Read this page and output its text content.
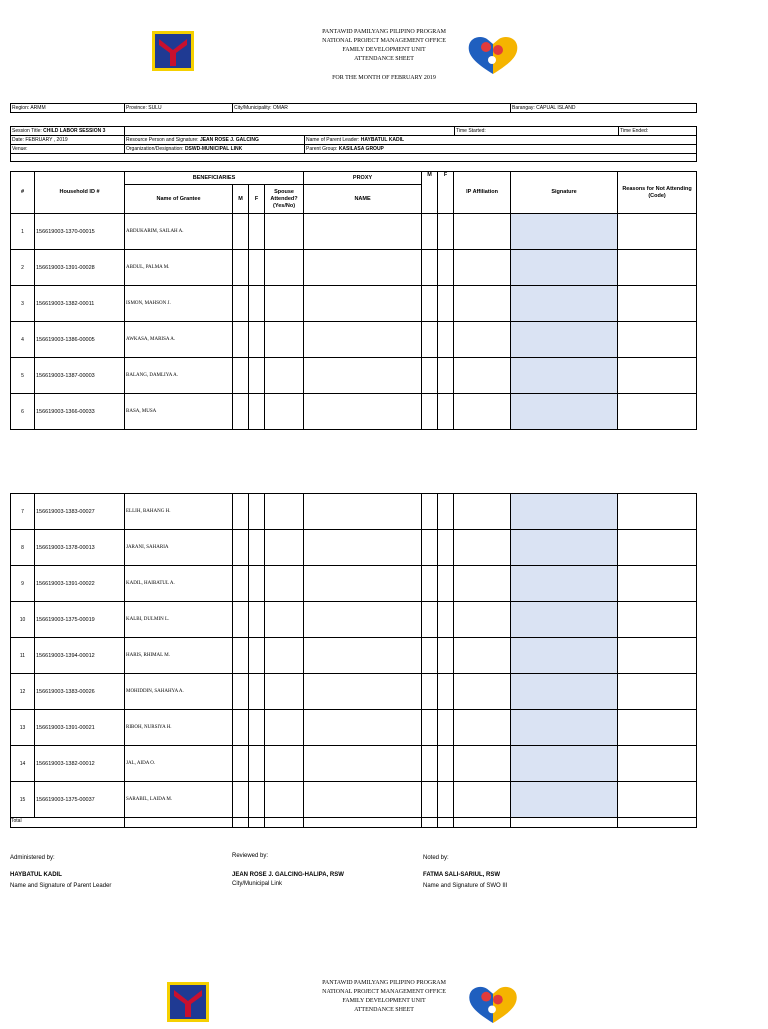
PANTAWID PAMILYANG PILIPINO PROGRAM
NATIONAL PROJECT MANAGEMENT OFFICE
FAMILY DEVELOPMENT UNIT
ATTENDANCE SHEET
FOR THE MONTH OF FEBRUARY 2019
Region: ARMM	Province: SULU	City/Municipality: OMAR	Barangay: CAPUAL ISLAND
Session Title: CHILD LABOR SESSION 3			Time Started:	Time Ended:
Date: FEBRUARY , 2019	Resource Person and Signature: JEAN ROSE J. GALCING	Name of Parent Leader: HAYBATUL KADIL		
Venue:	Organization/Designation: DSWD-MUNICIPAL LINK	Parent Group: KASILASA GROUP		

#	Household ID #	BENEFICIARIES				PROXY	M	F	IP Affiliation	Signature	Reasons for Not Attending (Code)
		Name of Grantee	M	F	Spouse Attended? (Yes/No)	NAME					
1	156619003-1370-00015	ABDUKARIM, SAILAH A.									
2	156619003-1391-00028	ABDUL, PALMA M.									
3	156619003-1382-00011	ISMON, MAHSON J.									
4	156619003-1386-00005	AWKASA, MARISA A.									
5	156619003-1387-00003	BALANG, DAMLIYA A.									
6	156619003-1366-00033	BASA, MUSA									
7	156619003-1383-00027	ELLIH, BAHANG H.									
8	156619003-1378-00013	JARANI, SAHARIA									
9	156619003-1391-00022	KADIL, HAIBATUL A.									
10	156619003-1375-00019	KALBI, DULMIN L.									
11	156619003-1394-00012	HARIS, RHIMAL M.									
12	156619003-1383-00026	MOHIDDIN, SAHAHYA A.									
13	156619003-1391-00021	RIBOH, NURSIYA H.									
14	156619003-1382-00012	JAL, AIDA O.									
15	156619003-1375-00037	SARABIL, LAIDA M.									
Total											
Administered by:
HAYBATUL KADIL
Name and Signature of Parent Leader
Reviewed by:
JEAN ROSE J. GALCING-HALIPA, RSW
City/Municipal Link
Noted by:
FATMA SALI-SARIUL, RSW
Name and Signature of SWO III
PANTAWID PAMILYANG PILIPINO PROGRAM
NATIONAL PROJECT MANAGEMENT OFFICE
FAMILY DEVELOPMENT UNIT
ATTENDANCE SHEET
